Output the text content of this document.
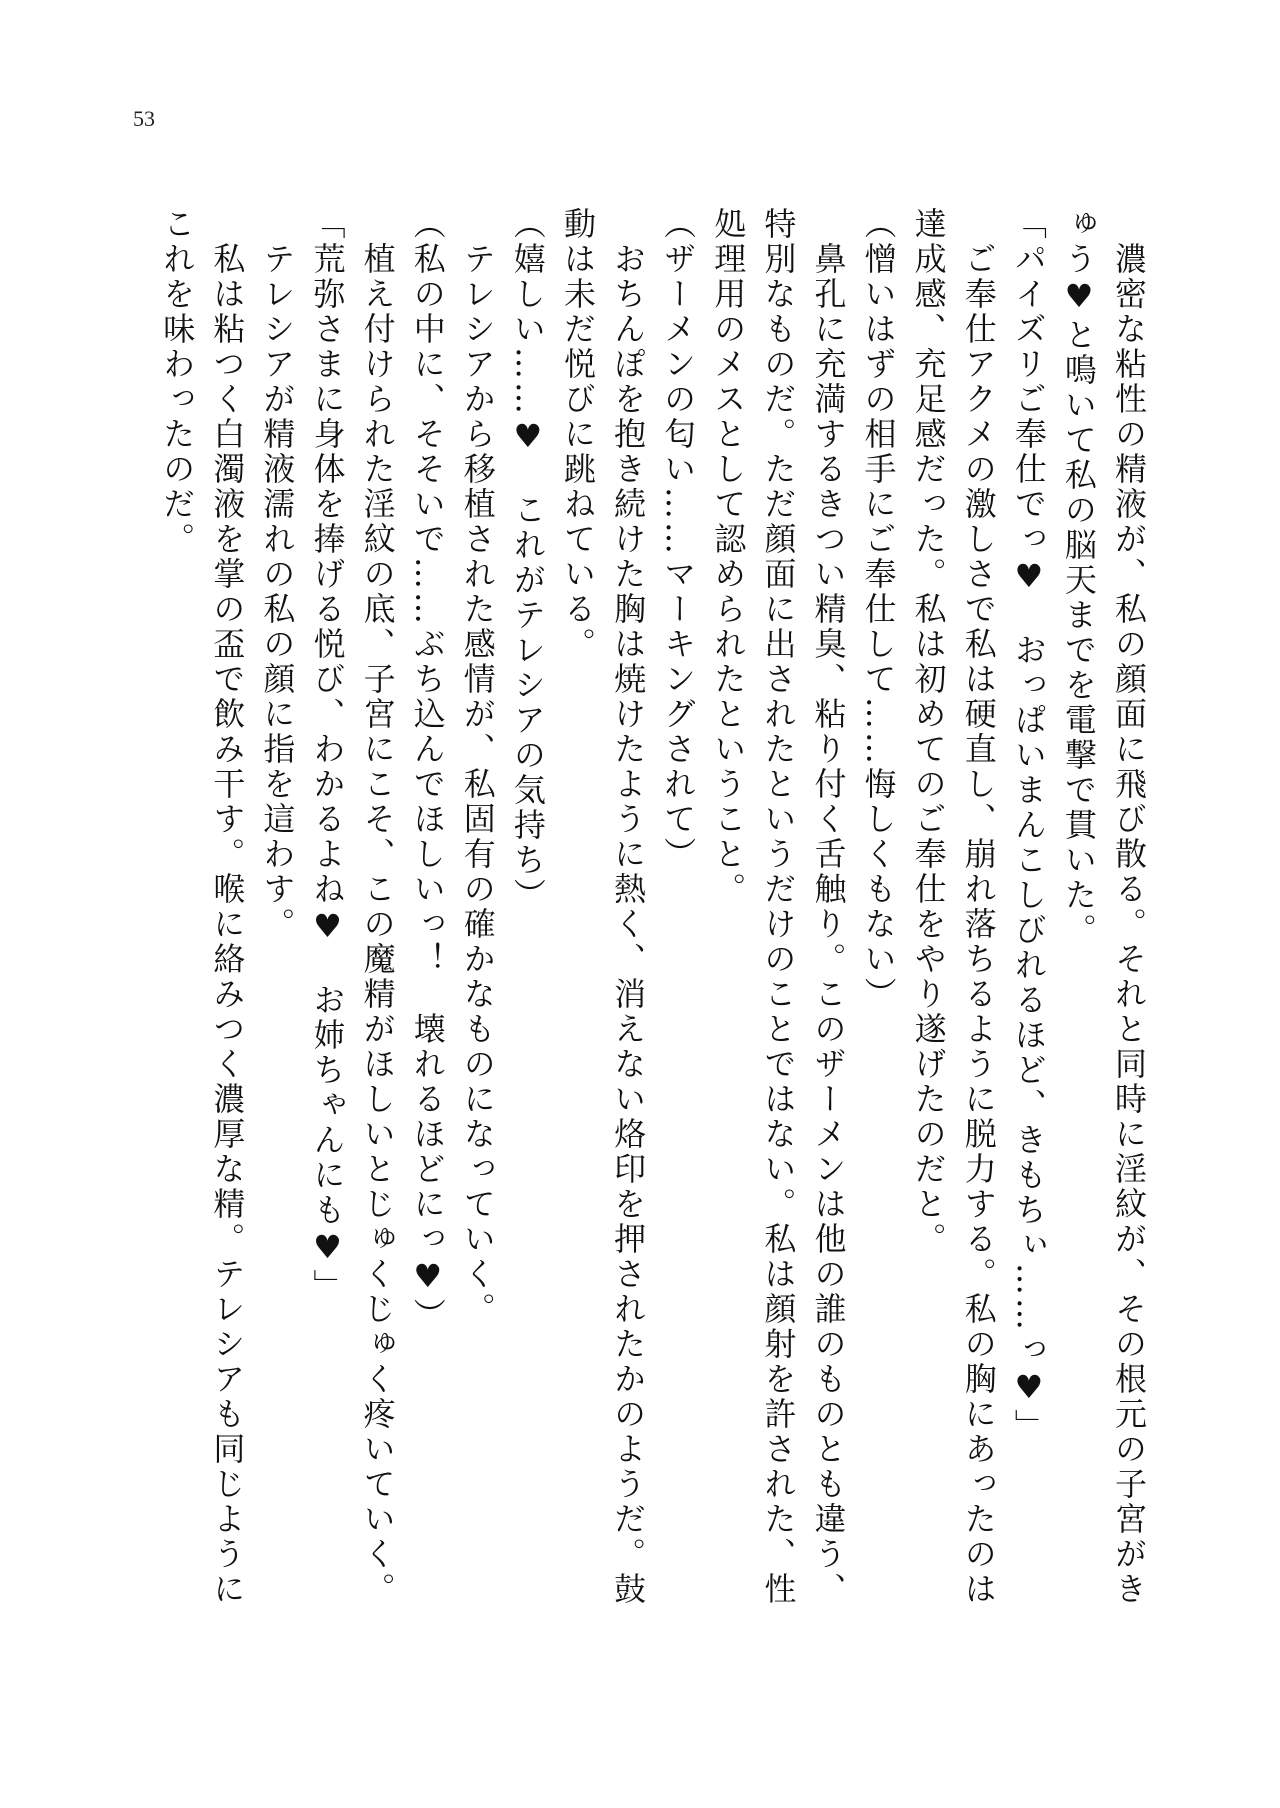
53
　濃密な粘性の精液が、私の顔面に飛び散る。それと同時に淫紋が、その根元の子宮がき
ゅう♥と鳴いて私の脳天までを電撃で貫いた。
「パイズリご奉仕でっ♥　おっぱいまんこしびれるほど、きもちぃ……っ♥」
　ご奉仕アクメの激しさで私は硬直し、崩れ落ちるように脱力する。私の胸にあったのは
達成感、充足感だった。私は初めてのご奉仕をやり遂げたのだと。
（憎いはずの相手にご奉仕して……悔しくもない）
　鼻孔に充満するきつい精臭、粘り付く舌触り。このザーメンは他の誰のものとも違う、
特別なものだ。ただ顔面に出されたというだけのことではない。私は顔射を許された、性
処理用のメスとして認められたということ。
（ザーメンの匂い……マーキングされて）
　おちんぽを抱き続けた胸は焼けたように熱く、消えない烙印を押されたかのようだ。鼓
動は未だ悦びに跳ねている。
（嬉しい……♥　これがテレシアの気持ち）
　テレシアから移植された感情が、私固有の確かなものになっていく。
（私の中に、そそいで……ぶち込んでほしいっ！　壊れるほどにっ♥）
　植え付けられた淫紋の底、子宮にこそ、この魔精がほしいとじゅくじゅく疼いていく。
「荒弥さまに身体を捧げる悦び、わかるよね♥　お姉ちゃんにも♥」
　テレシアが精液濡れの私の顔に指を這わす。
　私は粘つく白濁液を掌の盃で飲み干す。喉に絡みつく濃厚な精。テレシアも同じように
これを味わったのだ。
